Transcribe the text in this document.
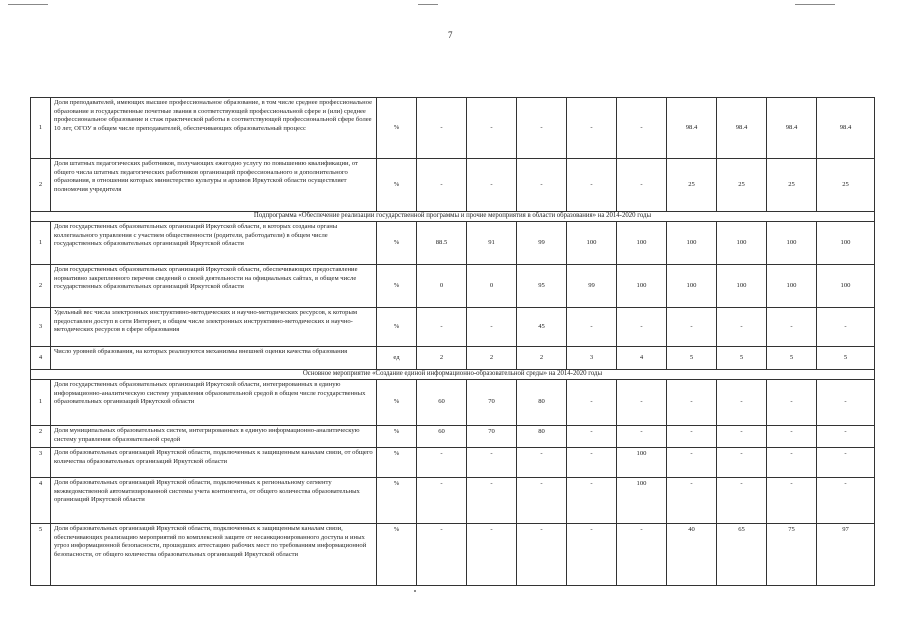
7
1	Доля преподавателей, имеющих высшее профессиональное образование, в том числе среднее профессиональное образование и государственные почетные звания в соответствующей профессиональной сфере и (или) среднее профессиональное образование и стаж практической работы в соответствующей профессиональной сфере более 10 лет, ОГОУ в общем числе преподавателей, обеспечивающих образовательный процесс	%	-	-	-	-	-	98.4	98.4	98.4	98.4
2	Доля штатных педагогических работников, получающих ежегодно услугу по повышению квалификации, от общего числа штатных педагогических работников организаций профессионального и дополнительного образования, в отношении которых министерство культуры и архивов Иркутской области осуществляет полномочия учредителя	%	-	-	-	-	-	25	25	25	25
Подпрограмма «Обеспечение реализации государственной программы и прочие мероприятия в области образования» на 2014-2020 годы											
1	Доля государственных образовательных организаций Иркутской области, в которых созданы органы коллегиального управления с участием общественности (родители, работодатели) в общем числе государственных образовательных организаций Иркутской области	%	88.5	91	99	100	100	100	100	100	100
2	Доля государственных образовательных организаций Иркутской области, обеспечивающих предоставление нормативно закрепленного перечня сведений о своей деятельности на официальных сайтах, в общем числе государственных образовательных организаций Иркутской области	%	0	0	95	99	100	100	100	100	100
3	Удельный вес числа электронных инструктивно-методических и научно-методических ресурсов, к которым предоставлен доступ в сети Интернет, в общем числе электронных инструктивно-методических и научно-методических ресурсов в сфере образования	%	-	-	45	-	-	-	-	-	-
4	Число уровней образования, на которых реализуются механизмы внешней оценки качества образования	ед	2	2	2	3	4	5	5	5	5
Основное мероприятие «Создание единой информационно-образовательной среды» на 2014-2020 годы											
1	Доля государственных образовательных организаций Иркутской области, интегрированных в единую информационно-аналитическую систему управления образовательной средой в общем числе государственных образовательных организаций Иркутской области	%	60	70	80	-	-	-	-	-	-
2	Доля муниципальных образовательных систем, интегрированных в единую информационно-аналитическую систему управления образовательной средой	%	60	70	80	-	-	-	-	-	-
3	Доля образовательных организаций Иркутской области, подключенных к защищенным каналам связи, от общего количества образовательных организаций Иркутской области	%	-	-	-	-	100	-	-	-	-
4	Доля образовательных организаций Иркутской области, подключенных к региональному сегменту межведомственной автоматизированной системы учета контингента, от общего количества образовательных организаций Иркутской области	%	-	-	-	-	100	-	-	-	-
5	Доля образовательных организаций Иркутской области, подключенных к защищенным каналам связи, обеспечивающих реализацию мероприятий по комплексной защите от несанкционированного доступа и иных угроз информационной безопасности, прошедших аттестацию рабочих мест по требованиям информационной безопасности, от общего количества образовательных организаций Иркутской области	%	-	-	-	-	-	40	65	75	97
